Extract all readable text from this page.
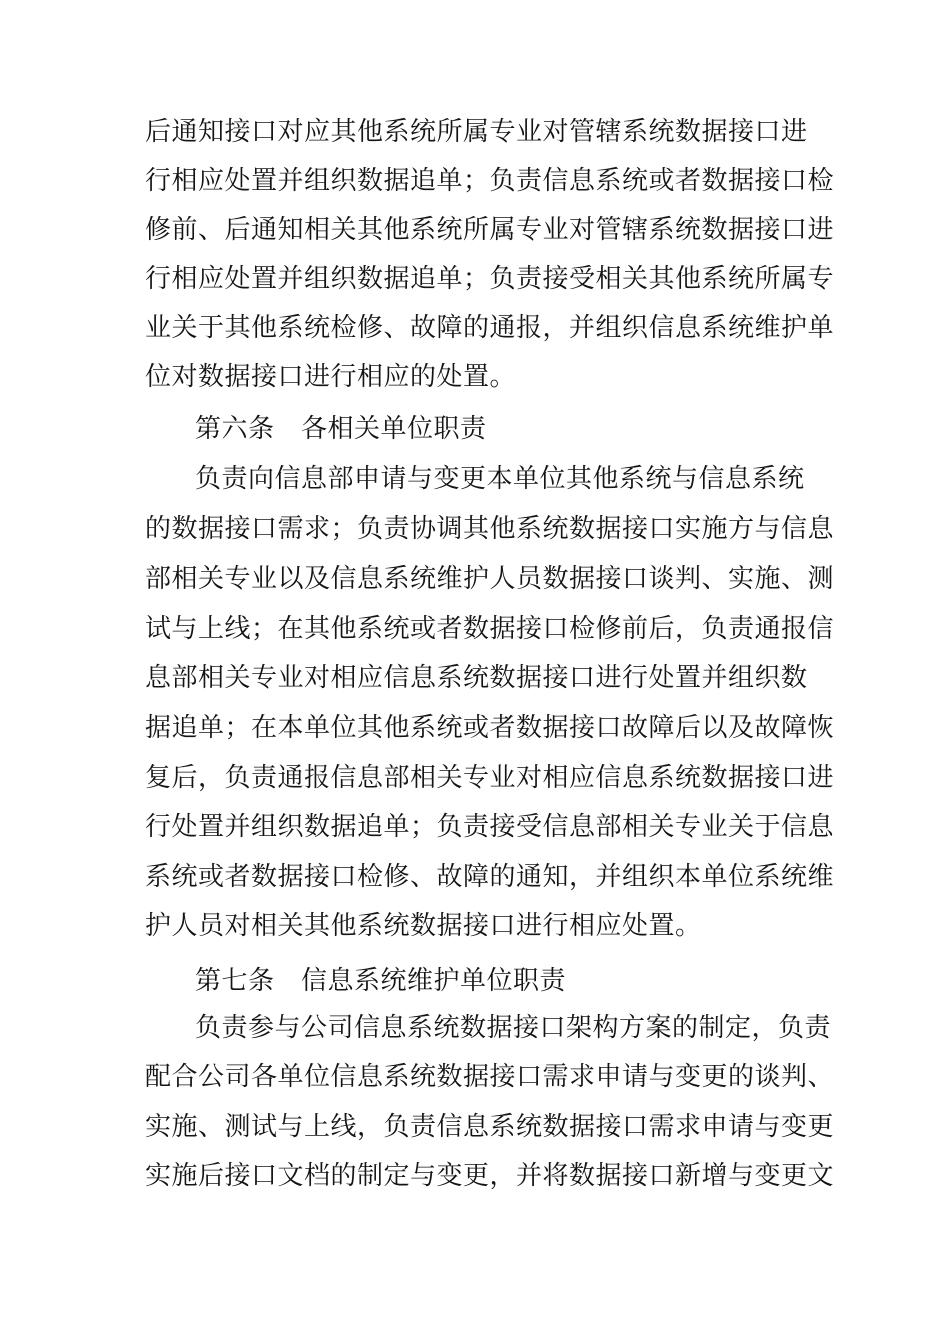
后通知接口对应其他系统所属专业对管辖系统数据接口进
行相应处置并组织数据追单；负责信息系统或者数据接口检
修前、后通知相关其他系统所属专业对管辖系统数据接口进
行相应处置并组织数据追单；负责接受相关其他系统所属专
业关于其他系统检修、故障的通报，并组织信息系统维护单
位对数据接口进行相应的处置。
第六条　各相关单位职责
负责向信息部申请与变更本单位其他系统与信息系统
的数据接口需求；负责协调其他系统数据接口实施方与信息
部相关专业以及信息系统维护人员数据接口谈判、实施、测
试与上线；在其他系统或者数据接口检修前后，负责通报信
息部相关专业对相应信息系统数据接口进行处置并组织数
据追单；在本单位其他系统或者数据接口故障后以及故障恢
复后，负责通报信息部相关专业对相应信息系统数据接口进
行处置并组织数据追单；负责接受信息部相关专业关于信息
系统或者数据接口检修、故障的通知，并组织本单位系统维
护人员对相关其他系统数据接口进行相应处置。
第七条　信息系统维护单位职责
负责参与公司信息系统数据接口架构方案的制定，负责
配合公司各单位信息系统数据接口需求申请与变更的谈判、
实施、测试与上线，负责信息系统数据接口需求申请与变更
实施后接口文档的制定与变更，并将数据接口新增与变更文
